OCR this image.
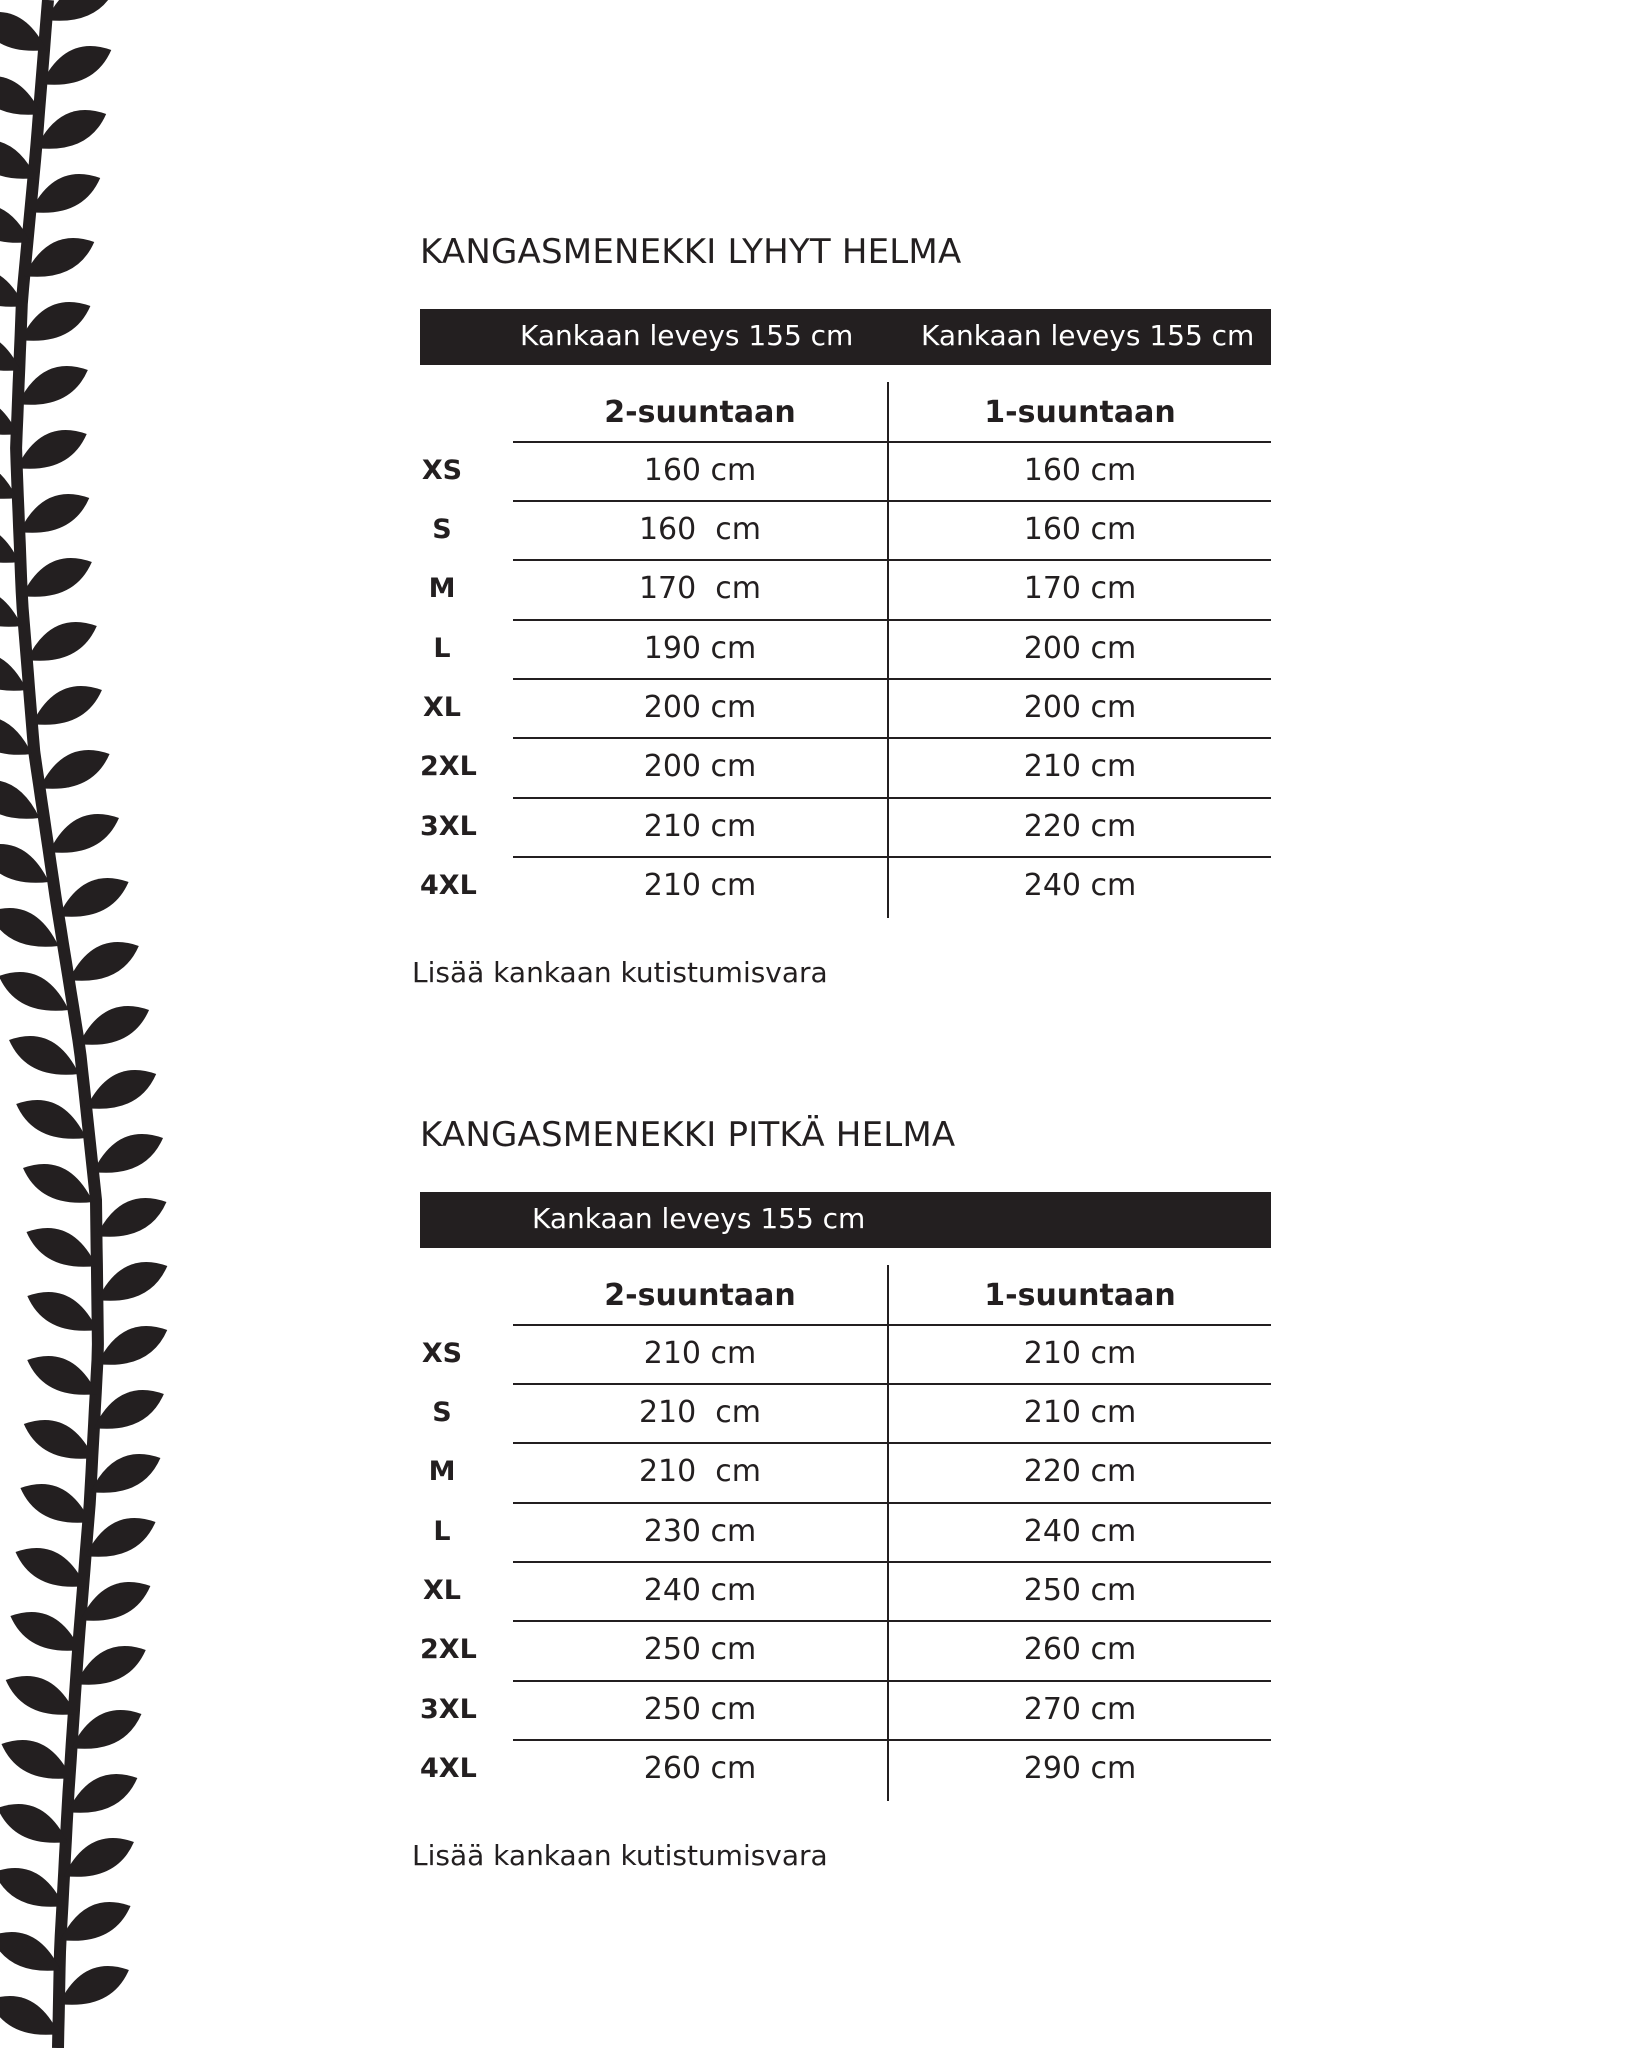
KANGASMENEKKI LYHYT HELMA
Kankaan leveys 155 cm Kankaan leveys 155 cm
2-suuntaan	1-suuntaan
XS	160 cm	160 cm
S	160  cm	160 cm
M	170  cm	170 cm
L	190 cm	200 cm
XL	200 cm	200 cm
2XL	200 cm	210 cm
3XL	210 cm	220 cm
4XL	210 cm	240 cm
Lisää kankaan kutistumisvara
KANGASMENEKKI PITKÄ HELMA
Kankaan leveys 155 cm
2-suuntaan	1-suuntaan
XS	210 cm	210 cm
S	210  cm	210 cm
M	210  cm	220 cm
L	230 cm	240 cm
XL	240 cm	250 cm
2XL	250 cm	260 cm
3XL	250 cm	270 cm
4XL	260 cm	290 cm
Lisää kankaan kutistumisvara
